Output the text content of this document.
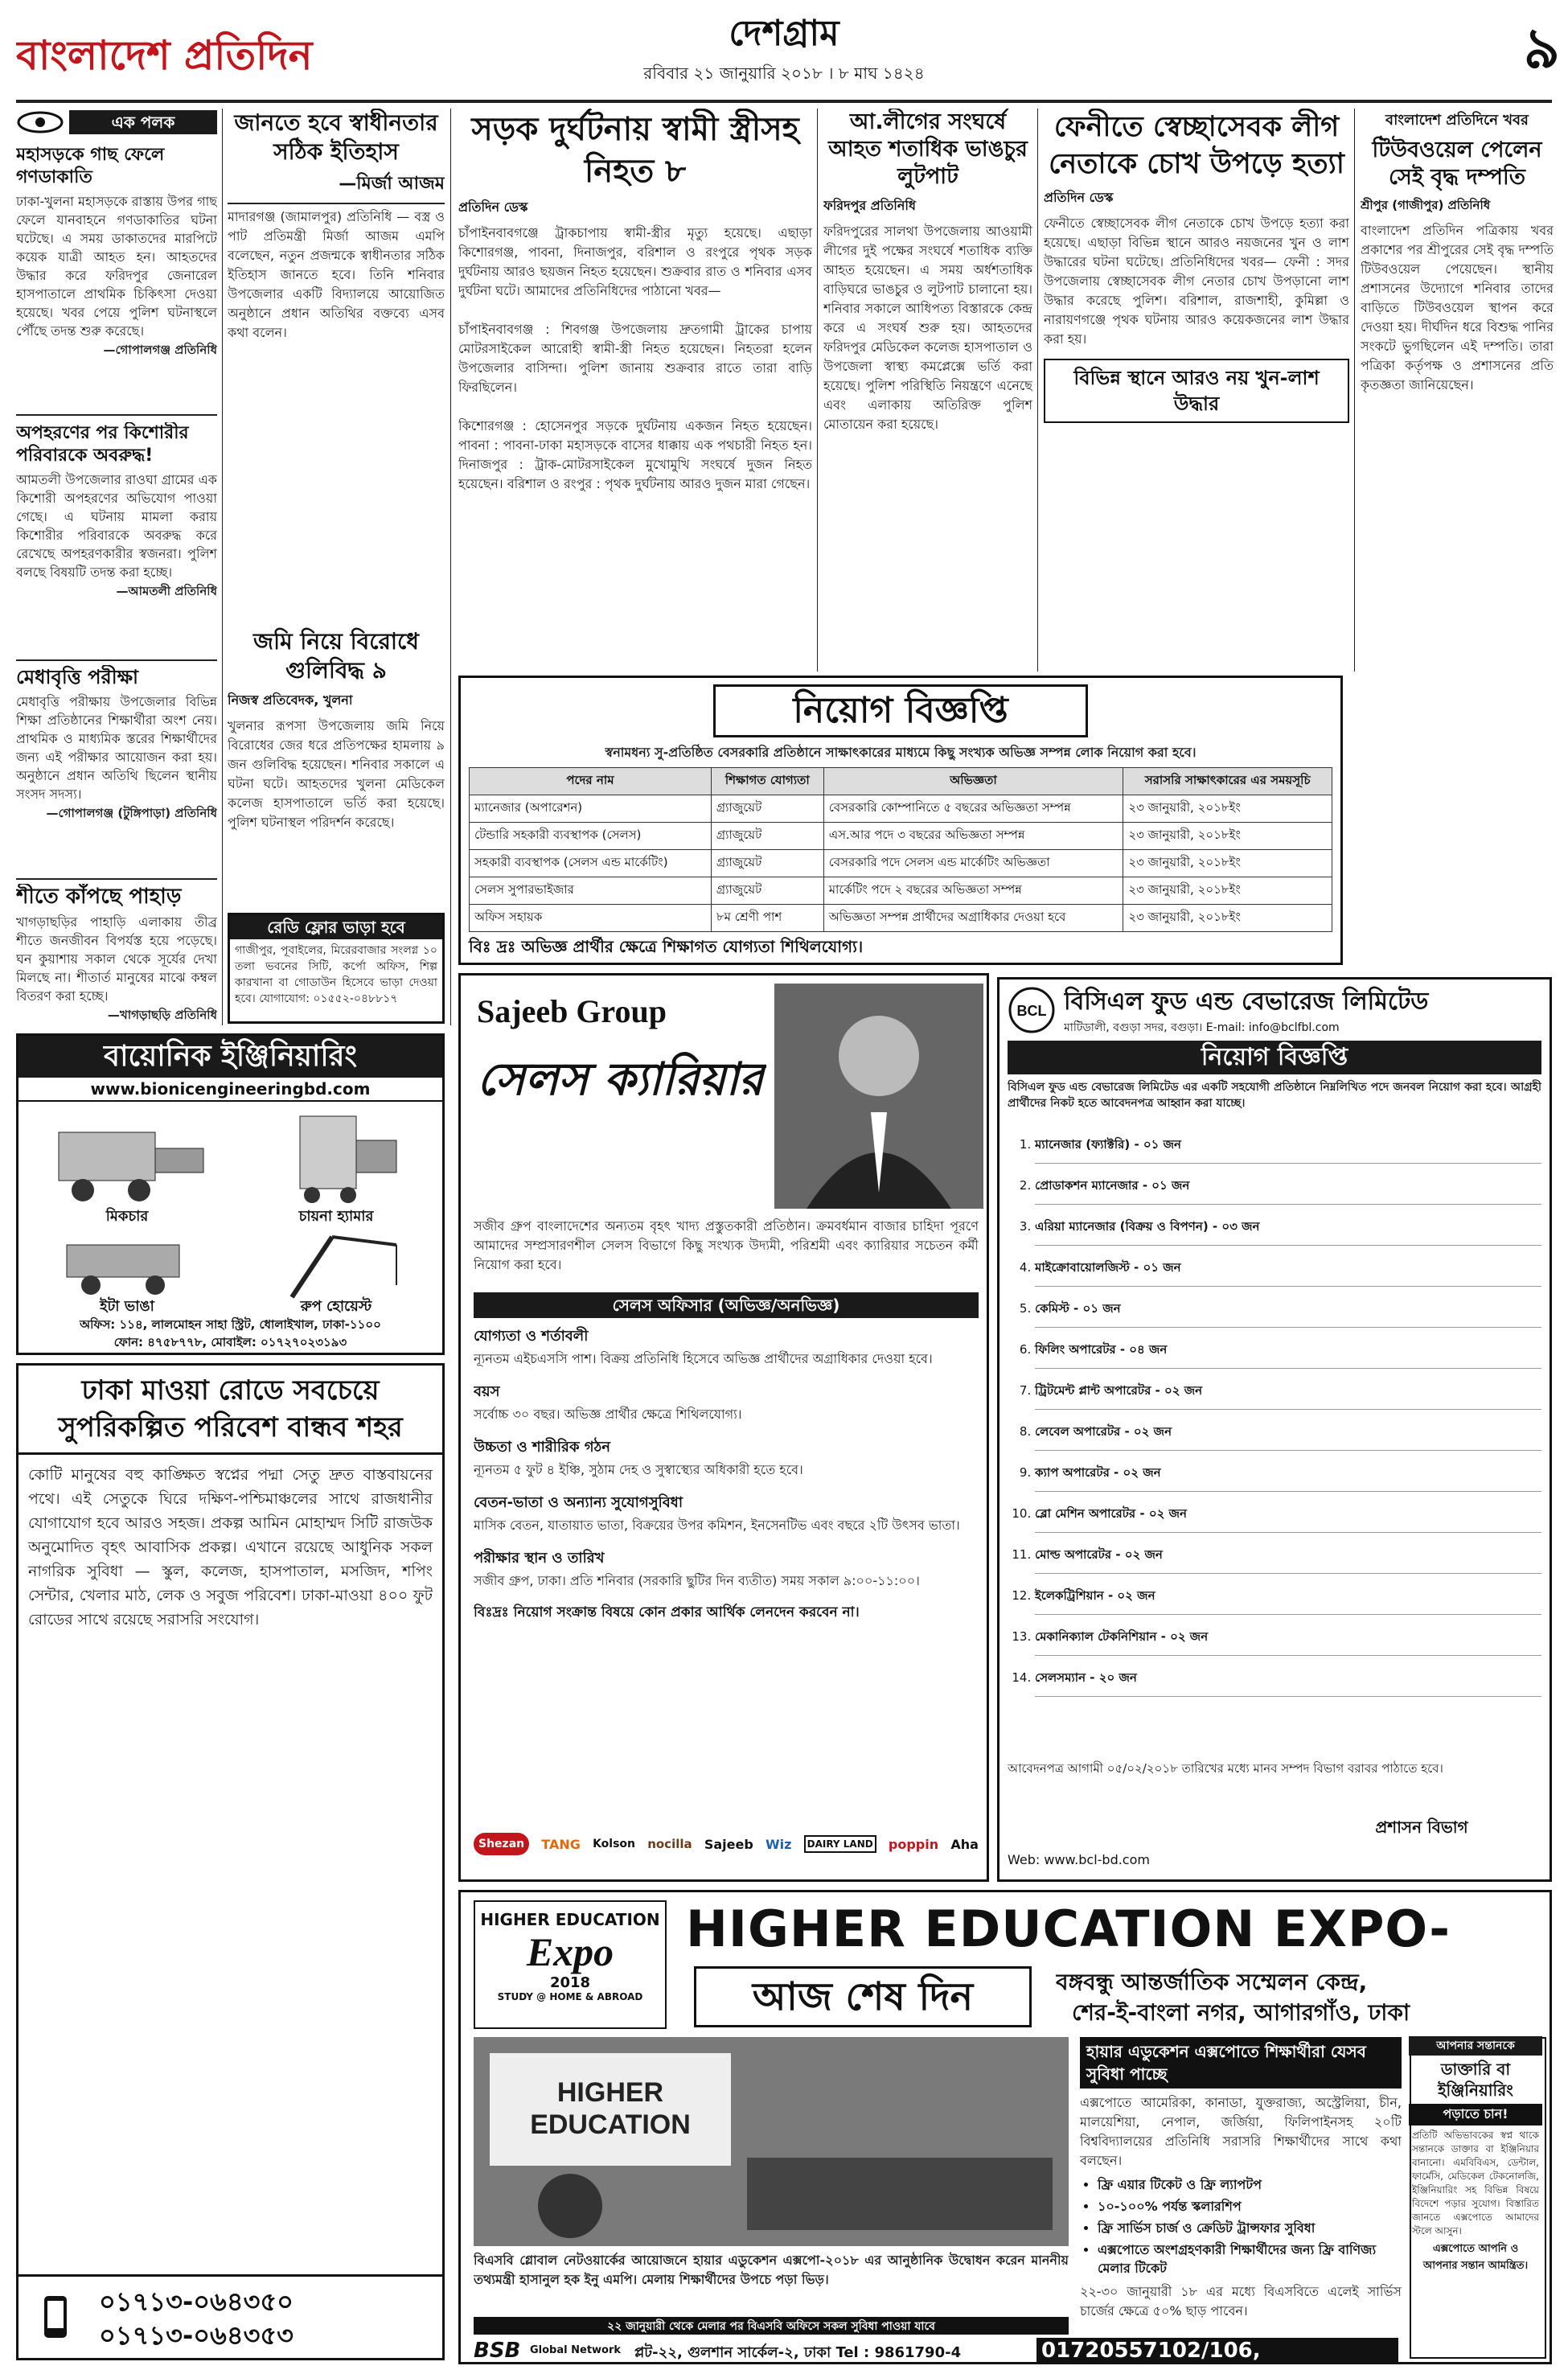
বাংলাদেশ প্রতিদিন	দেশগ্রাম
রবিবার ২১ জানুয়ারি ২০১৮ । ৮ মাঘ ১৪২৪	৯
এক পলক
মহাসড়কে গাছ ফেলে গণডাকাতি
ঢাকা-খুলনা মহাসড়কে রাস্তায় উপর গাছ ফেলে যানবাহনে গণডাকাতির ঘটনা ঘটেছে। এ সময় ডাকাতদের মারপিটে কয়েক যাত্রী আহত হন। আহতদের উদ্ধার করে ফরিদপুর জেনারেল হাসপাতালে প্রাথমিক চিকিৎসা দেওয়া হয়েছে। খবর পেয়ে পুলিশ ঘটনাস্থলে পৌঁছে তদন্ত শুরু করেছে।
—গোপালগঞ্জ প্রতিনিধি
অপহরণের পর কিশোরীর পরিবারকে অবরুদ্ধ!
আমতলী উপজেলার রাওঘা গ্রামের এক কিশোরী অপহরণের অভিযোগ পাওয়া গেছে। এ ঘটনায় মামলা করায় কিশোরীর পরিবারকে অবরুদ্ধ করে রেখেছে অপহরণকারীর স্বজনরা। পুলিশ বলছে বিষয়টি তদন্ত করা হচ্ছে।
—আমতলী প্রতিনিধি
মেধাবৃত্তি পরীক্ষা
মেধাবৃত্তি পরীক্ষায় উপজেলার বিভিন্ন শিক্ষা প্রতিষ্ঠানের শিক্ষার্থীরা অংশ নেয়। প্রাথমিক ও মাধ্যমিক স্তরের শিক্ষার্থীদের জন্য এই পরীক্ষার আয়োজন করা হয়। অনুষ্ঠানে প্রধান অতিথি ছিলেন স্থানীয় সংসদ সদস্য।
—গোপালগঞ্জ (টুঙ্গিপাড়া) প্রতিনিধি
শীতে কাঁপছে পাহাড়
খাগড়াছড়ির পাহাড়ি এলাকায় তীব্র শীতে জনজীবন বিপর্যস্ত হয়ে পড়েছে। ঘন কুয়াশায় সকাল থেকে সূর্যের দেখা মিলছে না। শীতার্ত মানুষের মাঝে কম্বল বিতরণ করা হচ্ছে।
—খাগড়াছড়ি প্রতিনিধি
জানতে হবে স্বাধীনতার সঠিক ইতিহাস
—মির্জা আজম
মাদারগঞ্জ (জামালপুর) প্রতিনিধি — বস্ত্র ও পাট প্রতিমন্ত্রী মির্জা আজম এমপি বলেছেন, নতুন প্রজন্মকে স্বাধীনতার সঠিক ইতিহাস জানতে হবে। তিনি শনিবার উপজেলার একটি বিদ্যালয়ে আয়োজিত অনুষ্ঠানে প্রধান অতিথির বক্তব্যে এসব কথা বলেন।
জমি নিয়ে বিরোধে গুলিবিদ্ধ ৯
নিজস্ব প্রতিবেদক, খুলনা
খুলনার রূপসা উপজেলায় জমি নিয়ে বিরোধের জের ধরে প্রতিপক্ষের হামলায় ৯ জন গুলিবিদ্ধ হয়েছেন। শনিবার সকালে এ ঘটনা ঘটে। আহতদের খুলনা মেডিকেল কলেজ হাসপাতালে ভর্তি করা হয়েছে। পুলিশ ঘটনাস্থল পরিদর্শন করেছে।
সড়ক দুর্ঘটনায় স্বামী স্ত্রীসহ নিহত ৮
প্রতিদিন ডেস্ক
চাঁপাইনবাবগঞ্জে ট্রাকচাপায় স্বামী-স্ত্রীর মৃত্যু হয়েছে। এছাড়া কিশোরগঞ্জ, পাবনা, দিনাজপুর, বরিশাল ও রংপুরে পৃথক সড়ক দুর্ঘটনায় আরও ছয়জন নিহত হয়েছেন। শুক্রবার রাত ও শনিবার এসব দুর্ঘটনা ঘটে। আমাদের প্রতিনিধিদের পাঠানো খবর—

চাঁপাইনবাবগঞ্জ : শিবগঞ্জ উপজেলায় দ্রুতগামী ট্রাকের চাপায় মোটরসাইকেল আরোহী স্বামী-স্ত্রী নিহত হয়েছেন। নিহতরা হলেন উপজেলার বাসিন্দা। পুলিশ জানায় শুক্রবার রাতে তারা বাড়ি ফিরছিলেন।

কিশোরগঞ্জ : হোসেনপুর সড়কে দুর্ঘটনায় একজন নিহত হয়েছেন। পাবনা : পাবনা-ঢাকা মহাসড়কে বাসের ধাক্কায় এক পথচারী নিহত হন। দিনাজপুর : ট্রাক-মোটরসাইকেল মুখোমুখি সংঘর্ষে দুজন নিহত হয়েছেন। বরিশাল ও রংপুর : পৃথক দুর্ঘটনায় আরও দুজন মারা গেছেন।
আ.লীগের সংঘর্ষে আহত শতাধিক ভাঙচুর লুটপাট
ফরিদপুর প্রতিনিধি
ফরিদপুরের সালথা উপজেলায় আওয়ামী লীগের দুই পক্ষের সংঘর্ষে শতাধিক ব্যক্তি আহত হয়েছেন। এ সময় অর্ধশতাধিক বাড়িঘরে ভাঙচুর ও লুটপাট চালানো হয়। শনিবার সকালে আধিপত্য বিস্তারকে কেন্দ্র করে এ সংঘর্ষ শুরু হয়। আহতদের ফরিদপুর মেডিকেল কলেজ হাসপাতাল ও উপজেলা স্বাস্থ্য কমপ্লেক্সে ভর্তি করা হয়েছে। পুলিশ পরিস্থিতি নিয়ন্ত্রণে এনেছে এবং এলাকায় অতিরিক্ত পুলিশ মোতায়েন করা হয়েছে।
ফেনীতে স্বেচ্ছাসেবক লীগ নেতাকে চোখ উপড়ে হত্যা
প্রতিদিন ডেস্ক
ফেনীতে স্বেচ্ছাসেবক লীগ নেতাকে চোখ উপড়ে হত্যা করা হয়েছে। এছাড়া বিভিন্ন স্থানে আরও নয়জনের খুন ও লাশ উদ্ধারের ঘটনা ঘটেছে। প্রতিনিধিদের খবর— ফেনী : সদর উপজেলায় স্বেচ্ছাসেবক লীগ নেতার চোখ উপড়ানো লাশ উদ্ধার করেছে পুলিশ। বরিশাল, রাজশাহী, কুমিল্লা ও নারায়ণগঞ্জে পৃথক ঘটনায় আরও কয়েকজনের লাশ উদ্ধার করা হয়।
বিভিন্ন স্থানে আরও নয় খুন-লাশ উদ্ধার
বাংলাদেশ প্রতিদিনে খবর
টিউবওয়েল পেলেন সেই বৃদ্ধ দম্পতি
শ্রীপুর (গাজীপুর) প্রতিনিধি
বাংলাদেশ প্রতিদিন পত্রিকায় খবর প্রকাশের পর শ্রীপুরের সেই বৃদ্ধ দম্পতি টিউবওয়েল পেয়েছেন। স্থানীয় প্রশাসনের উদ্যোগে শনিবার তাদের বাড়িতে টিউবওয়েল স্থাপন করে দেওয়া হয়। দীর্ঘদিন ধরে বিশুদ্ধ পানির সংকটে ভুগছিলেন এই দম্পতি। তারা পত্রিকা কর্তৃপক্ষ ও প্রশাসনের প্রতি কৃতজ্ঞতা জানিয়েছেন।
নিয়োগ বিজ্ঞপ্তি
স্বনামধন্য সু-প্রতিষ্ঠিত বেসরকারি প্রতিষ্ঠানে সাক্ষাৎকারের মাধ্যমে কিছু সংখ্যক অভিজ্ঞ সম্পন্ন লোক নিয়োগ করা হবে।
পদের নাম	শিক্ষাগত যোগ্যতা	অভিজ্ঞতা	সরাসরি সাক্ষাৎকারের এর সময়সূচি
ম্যানেজার (অপারেশন)	গ্র্যাজুয়েট	বেসরকারি কোম্পানিতে ৫ বছরের অভিজ্ঞতা সম্পন্ন	২৩ জানুয়ারী, ২০১৮ইং
টেন্ডারি সহকারী ব্যবস্থাপক (সেলস)	গ্র্যাজুয়েট	এস.আর পদে ৩ বছরের অভিজ্ঞতা সম্পন্ন	২৩ জানুয়ারী, ২০১৮ইং
সহকারী ব্যবস্থাপক (সেলস এন্ড মার্কেটিং)	গ্র্যাজুয়েট	বেসরকারি পদে সেলস এন্ড মার্কেটিং অভিজ্ঞতা	২৩ জানুয়ারী, ২০১৮ইং
সেলস সুপারভাইজার	গ্র্যাজুয়েট	মার্কেটিং পদে ২ বছরের অভিজ্ঞতা সম্পন্ন	২৩ জানুয়ারী, ২০১৮ইং
অফিস সহায়ক	৮ম শ্রেণী পাশ	অভিজ্ঞতা সম্পন্ন প্রার্থীদের অগ্রাধিকার দেওয়া হবে	২৩ জানুয়ারী, ২০১৮ইং
বিঃ দ্রঃ অভিজ্ঞ প্রার্থীর ক্ষেত্রে শিক্ষাগত যোগ্যতা শিথিলযোগ্য।
রেডি ফ্লোর ভাড়া হবে
গাজীপুর, পূবাইলের, মিরেরবাজার সংলগ্ন ১০ তলা ভবনের সিটি, কর্পো অফিস, শিল্প কারখানা বা গোডাউন হিসেবে ভাড়া দেওয়া হবে। যোগাযোগ: ০১৫৫২-০৪৮৮১৭
বায়োনিক ইঞ্জিনিয়ারিং
www.bionicengineeringbd.com
মিকচার	চায়না হ্যামার
ইটা ভাঙা	রুপ হোয়েস্ট
অফিস: ১১৪, লালমোহন সাহা স্ট্রিট, ধোলাইখাল, ঢাকা-১১০০
ফোন: ৪৭৫৮৭৭৮, মোবাইল: ০১৭২৭০২৩১৯৩
ঢাকা মাওয়া রোডে সবচেয়ে সুপরিকল্পিত পরিবেশ বান্ধব শহর
কোটি মানুষের বহু কাঙ্ক্ষিত স্বপ্নের পদ্মা সেতু দ্রুত বাস্তবায়নের পথে। এই সেতুকে ঘিরে দক্ষিণ-পশ্চিমাঞ্চলের সাথে রাজধানীর যোগাযোগ হবে আরও সহজ। প্রকল্প আমিন মোহাম্মদ সিটি রাজউক অনুমোদিত বৃহৎ আবাসিক প্রকল্প। এখানে রয়েছে আধুনিক সকল নাগরিক সুবিধা — স্কুল, কলেজ, হাসপাতাল, মসজিদ, শপিং সেন্টার, খেলার মাঠ, লেক ও সবুজ পরিবেশ। ঢাকা-মাওয়া ৪০০ ফুট রোডের সাথে রয়েছে সরাসরি সংযোগ।
০১৭১৩-০৬৪৩৫০
০১৭১৩-০৬৪৩৫৩
Sajeeb Group
সেলস ক্যারিয়ার
সজীব গ্রুপ বাংলাদেশের অন্যতম বৃহৎ খাদ্য প্রস্তুতকারী প্রতিষ্ঠান। ক্রমবর্ধমান বাজার চাহিদা পূরণে আমাদের সম্প্রসারণশীল সেলস বিভাগে কিছু সংখ্যক উদ্যমী, পরিশ্রমী এবং ক্যারিয়ার সচেতন কর্মী নিয়োগ করা হবে।
সেলস অফিসার (অভিজ্ঞ/অনভিজ্ঞ)
যোগ্যতা ও শর্তাবলী
ন্যূনতম এইচএসসি পাশ। বিক্রয় প্রতিনিধি হিসেবে অভিজ্ঞ প্রার্থীদের অগ্রাধিকার দেওয়া হবে।
বয়স
সর্বোচ্চ ৩০ বছর। অভিজ্ঞ প্রার্থীর ক্ষেত্রে শিথিলযোগ্য।
উচ্চতা ও শারীরিক গঠন
ন্যূনতম ৫ ফুট ৪ ইঞ্চি, সুঠাম দেহ ও সুস্বাস্থ্যের অধিকারী হতে হবে।
বেতন-ভাতা ও অন্যান্য সুযোগসুবিধা
মাসিক বেতন, যাতায়াত ভাতা, বিক্রয়ের উপর কমিশন, ইনসেনটিভ এবং বছরে ২টি উৎসব ভাতা।
পরীক্ষার স্থান ও তারিখ
সজীব গ্রুপ, ঢাকা। প্রতি শনিবার (সরকারি ছুটির দিন ব্যতীত) সময় সকাল ৯:০০-১১:০০।
বিঃদ্রঃ নিয়োগ সংক্রান্ত বিষয়ে কোন প্রকার আর্থিক লেনদেন করবেন না।
Shezan	TANG Kolson nocilla Sajeeb Wiz	DAIRY LAND poppin Aha
BCL বিসিএল ফুড এন্ড বেভারেজ লিমিটেড
মাটিডালী, বগুড়া সদর, বগুড়া। E-mail: info@bclfbl.com
নিয়োগ বিজ্ঞপ্তি
বিসিএল ফুড এন্ড বেভারেজ লিমিটেড এর একটি সহযোগী প্রতিষ্ঠানে নিম্নলিখিত পদে জনবল নিয়োগ করা হবে। আগ্রহী প্রার্থীদের নিকট হতে আবেদনপত্র আহ্বান করা যাচ্ছে।
1. ম্যানেজার (ফ্যাক্টরি) - ০১ জন
2. প্রোডাকশন ম্যানেজার - ০১ জন
3. এরিয়া ম্যানেজার (বিক্রয় ও বিপণন) - ০৩ জন
4. মাইক্রোবায়োলজিস্ট - ০১ জন
5. কেমিস্ট - ০১ জন
6. ফিলিং অপারেটর - ০৪ জন
7. ট্রিটমেন্ট প্লান্ট অপারেটর - ০২ জন
8. লেবেল অপারেটর - ০২ জন
9. ক্যাপ অপারেটর - ০২ জন
10. ব্লো মেশিন অপারেটর - ০২ জন
11. মোল্ড অপারেটর - ০২ জন
12. ইলেকট্রিশিয়ান - ০২ জন
13. মেকানিক্যাল টেকনিশিয়ান - ০২ জন
14. সেলসম্যান - ২০ জন
আবেদনপত্র আগামী ০৫/০২/২০১৮ তারিখের মধ্যে মানব সম্পদ বিভাগ বরাবর পাঠাতে হবে।
প্রশাসন বিভাগ
Web: www.bcl-bd.com
HIGHER EDUCATION
Expo
2018
STUDY @ HOME & ABROAD
HIGHER EDUCATION EXPO-
আজ শেষ দিন	বঙ্গবন্ধু আন্তর্জাতিক সম্মেলন কেন্দ্র,
শের-ই-বাংলা নগর, আগারগাঁও, ঢাকা
HIGHER
EDUCATION
বিএসবি গ্লোবাল নেটওয়ার্কের আয়োজনে হায়ার এডুকেশন এক্সপো-২০১৮ এর আনুষ্ঠানিক উদ্বোধন করেন মাননীয় তথ্যমন্ত্রী হাসানুল হক ইনু এমপি। মেলায় শিক্ষার্থীদের উপচে পড়া ভিড়।
হায়ার এডুকেশন এক্সপোতে শিক্ষার্থীরা যেসব সুবিধা পাচ্ছে
এক্সপোতে আমেরিকা, কানাডা, যুক্তরাজ্য, অস্ট্রেলিয়া, চীন, মালয়েশিয়া, নেপাল, জর্জিয়া, ফিলিপাইনসহ ২০টি বিশ্ববিদ্যালয়ের প্রতিনিধি সরাসরি শিক্ষার্থীদের সাথে কথা বলছেন।
• ফ্রি এয়ার টিকেট ও ফ্রি ল্যাপটপ
• ১০-১০০% পর্যন্ত স্কলারশিপ
• ফ্রি সার্ভিস চার্জ ও ক্রেডিট ট্রান্সফার সুবিধা
• এক্সপোতে অংশগ্রহণকারী শিক্ষার্থীদের জন্য ফ্রি বাণিজ্য মেলার টিকেট
২২-৩০ জানুয়ারী ১৮ এর মধ্যে বিএসবিতে এলেই সার্ভিস চার্জের ক্ষেত্রে ৫০% ছাড় পাবেন।
২২ জানুয়ারী থেকে মেলার পর বিএসবি অফিসে সকল সুবিধা পাওয়া যাবে
BSB Global Network প্লট-২২, গুলশান সার্কেল-২, ঢাকা Tel : 9861790-4	01720557102/106,
আপনার সন্তানকে
ডাক্তারি বা ইঞ্জিনিয়ারিং
পড়াতে চান!
প্রতিটি অভিভাবকের স্বপ্ন থাকে সন্তানকে ডাক্তার বা ইঞ্জিনিয়ার বানানো। এমবিবিএস, ডেন্টাল, ফার্মেসি, মেডিকেল টেকনোলজি, ইঞ্জিনিয়ারিং সহ বিভিন্ন বিষয়ে বিদেশে পড়ার সুযোগ। বিস্তারিত জানতে এক্সপোতে আমাদের স্টলে আসুন।
এক্সপোতে আপনি ও
আপনার সন্তান আমন্ত্রিত।
